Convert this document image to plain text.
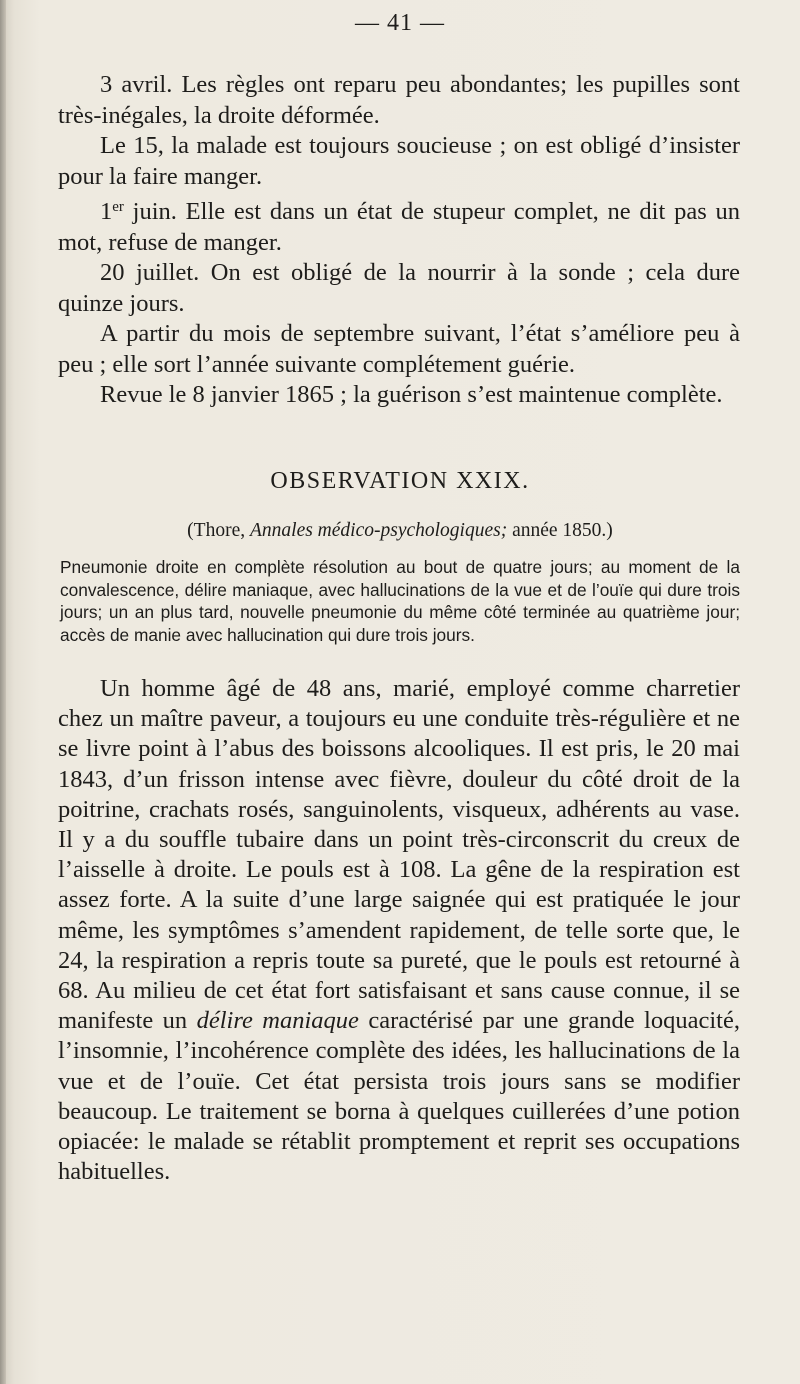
— 41 —

3 avril. Les règles ont reparu peu abondantes; les pupilles sont très-inégales, la droite déformée.

Le 15, la malade est toujours soucieuse ; on est obligé d’insister pour la faire manger.

1er juin. Elle est dans un état de stupeur complet, ne dit pas un mot, refuse de manger.

20 juillet. On est obligé de la nourrir à la sonde ; cela dure quinze jours.

A partir du mois de septembre suivant, l’état s’améliore peu à peu ; elle sort l’année suivante complétement guérie.

Revue le 8 janvier 1865 ; la guérison s’est maintenue complète.

OBSERVATION XXIX.
(Thore, Annales médico-psychologiques; année 1850.)
Pneumonie droite en complète résolution au bout de quatre jours; au moment de la convalescence, délire maniaque, avec hallucinations de la vue et de l’ouïe qui dure trois jours; un an plus tard, nouvelle pneumonie du même côté terminée au quatrième jour; accès de manie avec hallucination qui dure trois jours.

Un homme âgé de 48 ans, marié, employé comme charretier chez un maître paveur, a toujours eu une conduite très-régulière et ne se livre point à l’abus des boissons alcooliques. Il est pris, le 20 mai 1843, d’un frisson intense avec fièvre, douleur du côté droit de la poitrine, crachats rosés, sanguinolents, visqueux, adhérents au vase. Il y a du souffle tubaire dans un point très-circonscrit du creux de l’aisselle à droite. Le pouls est à 108. La gêne de la respiration est assez forte. A la suite d’une large saignée qui est pratiquée le jour même, les symptômes s’amendent rapidement, de telle sorte que, le 24, la respiration a repris toute sa pureté, que le pouls est retourné à 68. Au milieu de cet état fort satisfaisant et sans cause connue, il se manifeste un délire maniaque caractérisé par une grande loquacité, l’insomnie, l’incohérence complète des idées, les hallucinations de la vue et de l’ouïe. Cet état persista trois jours sans se modifier beaucoup. Le traitement se borna à quelques cuillerées d’une potion opiacée: le malade se rétablit promptement et reprit ses occupations habituelles.
